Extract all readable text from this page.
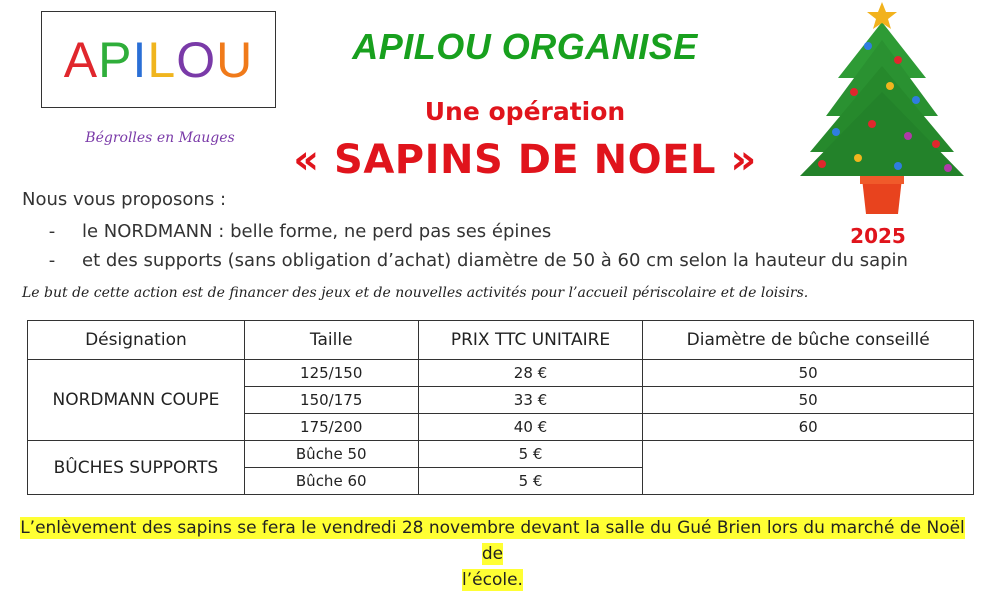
A P I L O U
Bégrolles en Mauges
APILOU ORGANISE
Une opération
« SAPINS DE NOEL »
2025
Nous vous proposons :
- le NORDMANN : belle forme, ne perd pas ses épines
- et des supports (sans obligation d’achat) diamètre de 50 à 60 cm selon la hauteur du sapin
Le but de cette action est de financer des jeux et de nouvelles activités pour l’accueil périscolaire et de loisirs.
Désignation	Taille	PRIX TTC UNITAIRE	Diamètre de bûche conseillé
NORDMANN COUPE	125/150	28 €	50
	150/175	33 €	50
	175/200	40 €	60
BÛCHES SUPPORTS	Bûche 50	5 €	
	Bûche 60	5 €	
L’enlèvement des sapins se fera le vendredi 28 novembre devant la salle du Gué Brien lors du marché de Noël de
l’école.
